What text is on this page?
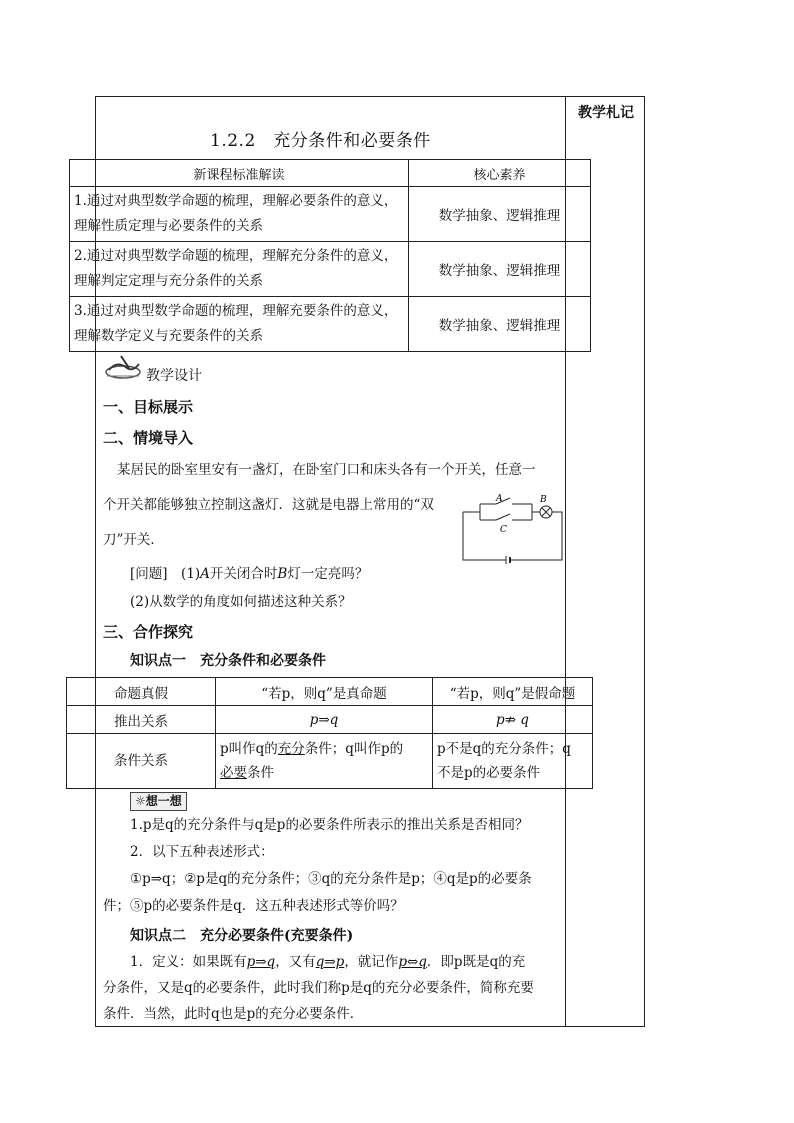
教学札记
1.2.2　充分条件和必要条件
新课程标准解读	核心素养
1.通过对典型数学命题的梳理，理解必要条件的意义，
理解性质定理与必要条件的关系	数学抽象、逻辑推理
2.通过对典型数学命题的梳理，理解充分条件的意义，
理解判定定理与充分条件的关系	数学抽象、逻辑推理
3.通过对典型数学命题的梳理，理解充要条件的意义，
理解数学定义与充要条件的关系	数学抽象、逻辑推理
教学设计
一、目标展示
二、情境导入
某居民的卧室里安有一盏灯，在卧室门口和床头各有一个开关，任意一
个开关都能够独立控制这盏灯．这就是电器上常用的“双
刀”开关．
A	B
C
[问题]　 (1)A开关闭合时B灯一定亮吗？
(2)从数学的角度如何描述这种关系？
三、合作探究
知识点一　充分条件和必要条件
命题真假	“若p，则q”是真命题	“若p，则q”是假命题
推出关系	p⇒q	p⇏ q
条件关系	p叫作q的充分条件；q叫作p的
必要条件	p不是q的充分条件；q
不是p的必要条件
☼想一想
1.p是q的充分条件与q是p的必要条件所表示的推出关系是否相同？
2．以下五种表述形式：
①p⇒q；②p是q的充分条件；③q的充分条件是p；④q是p的必要条
件；⑤p的必要条件是q．这五种表述形式等价吗？
知识点二　充分必要条件(充要条件)
1．定义：如果既有p⇒q，又有q⇒p，就记作p⇔q．即p既是q的充
分条件，又是q的必要条件，此时我们称p是q的充分必要条件，简称充要
条件．当然，此时q也是p的充分必要条件．
